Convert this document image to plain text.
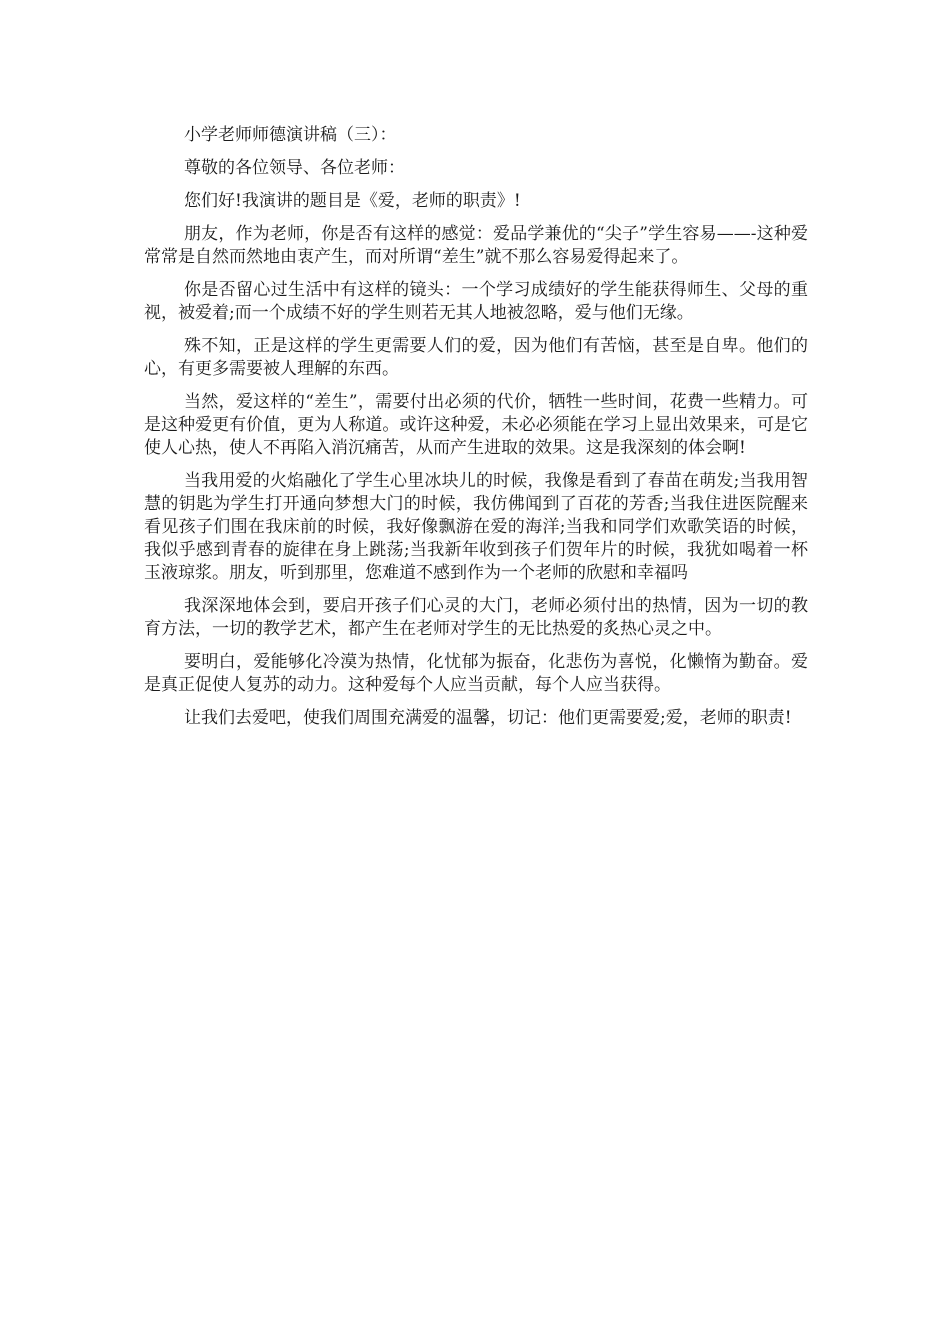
小学老师师德演讲稿（三）：

尊敬的各位领导、各位老师：

您们好!我演讲的题目是《爱，老师的职责》!

朋友，作为老师，你是否有这样的感觉：爱品学兼优的“尖子”学生容易——-这种爱常常是自然而然地由衷产生，而对所谓“差生”就不那么容易爱得起来了。

你是否留心过生活中有这样的镜头：一个学习成绩好的学生能获得师生、父母的重视，被爱着;而一个成绩不好的学生则若无其人地被忽略，爱与他们无缘。

殊不知，正是这样的学生更需要人们的爱，因为他们有苦恼，甚至是自卑。他们的心，有更多需要被人理解的东西。

当然，爱这样的“差生”，需要付出必须的代价，牺牲一些时间，花费一些精力。可是这种爱更有价值，更为人称道。或许这种爱，未必必须能在学习上显出效果来，可是它使人心热，使人不再陷入消沉痛苦，从而产生进取的效果。这是我深刻的体会啊!

当我用爱的火焰融化了学生心里冰块儿的时候，我像是看到了春苗在萌发;当我用智慧的钥匙为学生打开通向梦想大门的时候，我仿佛闻到了百花的芳香;当我住进医院醒来看见孩子们围在我床前的时候，我好像飘游在爱的海洋;当我和同学们欢歌笑语的时候，我似乎感到青春的旋律在身上跳荡;当我新年收到孩子们贺年片的时候，我犹如喝着一杯玉液琼浆。朋友，听到那里，您难道不感到作为一个老师的欣慰和幸福吗

我深深地体会到，要启开孩子们心灵的大门，老师必须付出的热情，因为一切的教育方法，一切的教学艺术，都产生在老师对学生的无比热爱的炙热心灵之中。

要明白，爱能够化冷漠为热情，化忧郁为振奋，化悲伤为喜悦，化懒惰为勤奋。爱是真正促使人复苏的动力。这种爱每个人应当贡献，每个人应当获得。

让我们去爱吧，使我们周围充满爱的温馨，切记：他们更需要爱;爱，老师的职责!
